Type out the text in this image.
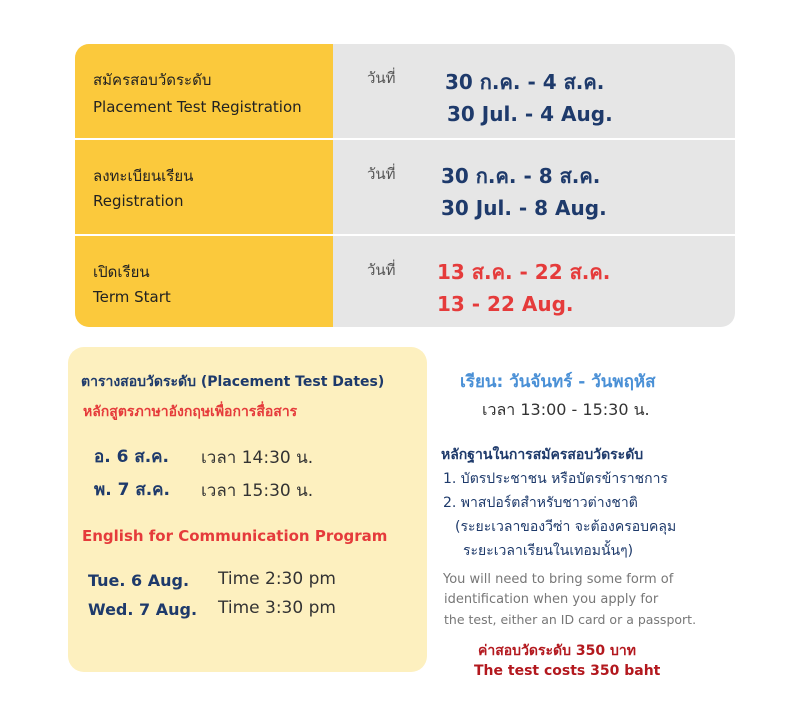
สมัครสอบวัดระดับ
Placement Test Registration
วันที่ 30 ก.ค. - 4 ส.ค.
30 Jul. - 4 Aug.
ลงทะเบียนเรียน
Registration
วันที่ 30 ก.ค. - 8 ส.ค.
30 Jul. - 8 Aug.
เปิดเรียน
Term Start
วันที่ 13 ส.ค. - 22 ส.ค.
13 - 22 Aug.
ตารางสอบวัดระดับ (Placement Test Dates)
หลักสูตรภาษาอังกฤษเพื่อการสื่อสาร
อ. 6 ส.ค. เวลา 14:30 น.
พ. 7 ส.ค. เวลา 15:30 น.
English for Communication Program
Tue. 6 Aug. Time 2:30 pm
Wed. 7 Aug. Time 3:30 pm
เรียน: วันจันทร์ - วันพฤหัส
เวลา 13:00 - 15:30 น.
หลักฐานในการสมัครสอบวัดระดับ
1. บัตรประชาชน หรือบัตรข้าราชการ
2. พาสปอร์ตสำหรับชาวต่างชาติ
(ระยะเวลาของวีซ่า จะต้องครอบคลุม
ระยะเวลาเรียนในเทอมนั้นๆ)
You will need to bring some form of
identification when you apply for
the test, either an ID card or a passport.
ค่าสอบวัดระดับ 350 บาท
The test costs 350 baht
